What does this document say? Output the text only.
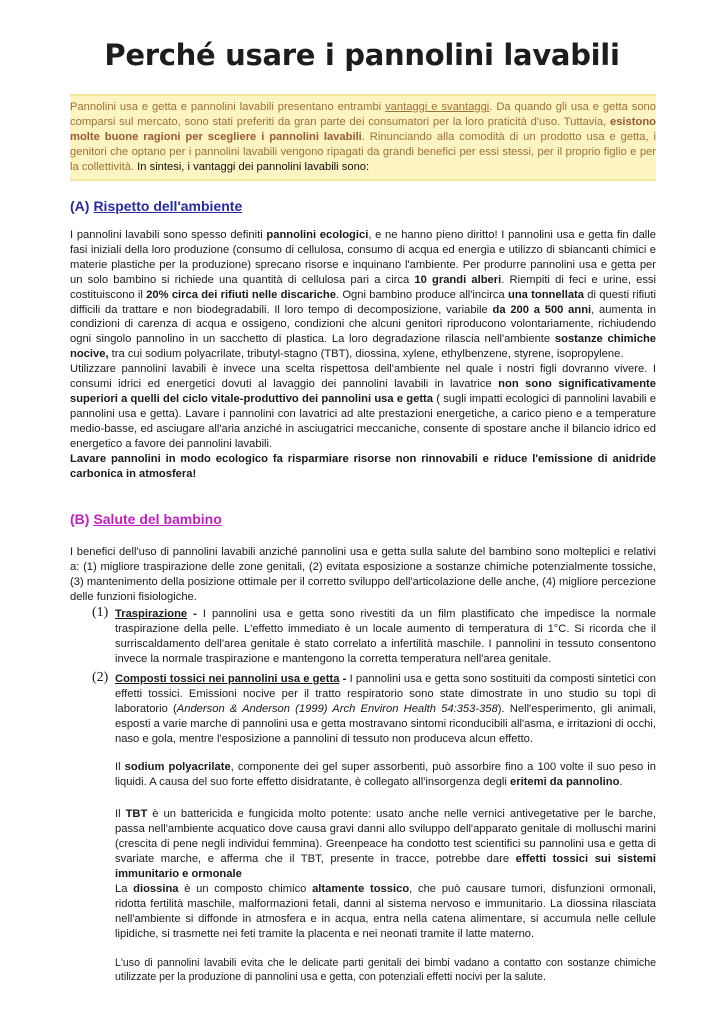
Perché usare i pannolini lavabili
Pannolini usa e getta e pannolini lavabili presentano entrambi vantaggi e svantaggi. Da quando gli usa e getta sono comparsi sul mercato, sono stati preferiti da gran parte dei consumatori per la loro praticità d'uso. Tuttavia, esistono molte buone ragioni per scegliere i pannolini lavabili. Rinunciando alla comodità di un prodotto usa e getta, i genitori che optano per i pannolini lavabili vengono ripagati da grandi benefici per essi stessi, per il proprio figlio e per la collettività. In sintesi, i vantaggi dei pannolini lavabili sono:
(A) Rispetto dell'ambiente
I pannolini lavabili sono spesso definiti pannolini ecologici, e ne hanno pieno diritto! I pannolini usa e getta fin dalle fasi iniziali della loro produzione (consumo di cellulosa, consumo di acqua ed energia e utilizzo di sbiancanti chimici e materie plastiche per la produzione) sprecano risorse e inquinano l'ambiente. Per produrre pannolini usa e getta per un solo bambino si richiede una quantità di cellulosa pari a circa 10 grandi alberi. Riempiti di feci e urine, essi costituiscono il 20% circa dei rifiuti nelle discariche. Ogni bambino produce all'incirca una tonnellata di questi rifiuti difficili da trattare e non biodegradabili. Il loro tempo di decomposizione, variabile da 200 a 500 anni, aumenta in condizioni di carenza di acqua e ossigeno, condizioni che alcuni genitori riproducono volontariamente, richiudendo ogni singolo pannolino in un sacchetto di plastica. La loro degradazione rilascia nell'ambiente sostanze chimiche nocive, tra cui sodium polyacrilate, tributyl-stagno (TBT), diossina, xylene, ethylbenzene, styrene, isopropylene.
Utilizzare pannolini lavabili è invece una scelta rispettosa dell'ambiente nel quale i nostri figli dovranno vivere. I consumi idrici ed energetici dovuti al lavaggio dei pannolini lavabili in lavatrice non sono significativamente superiori a quelli del ciclo vitale-produttivo dei pannolini usa e getta ( sugli impatti ecologici di pannolini lavabili e pannolini usa e getta). Lavare i pannolini con lavatrici ad alte prestazioni energetiche, a carico pieno e a temperature medio-basse, ed asciugare all'aria anziché in asciugatrici meccaniche, consente di spostare anche il bilancio idrico ed energetico a favore dei pannolini lavabili.
Lavare pannolini in modo ecologico fa risparmiare risorse non rinnovabili e riduce l'emissione di anidride carbonica in atmosfera!
(B) Salute del bambino
I benefici dell'uso di pannolini lavabili anziché pannolini usa e getta sulla salute del bambino sono molteplici e relativi a: (1) migliore traspirazione delle zone genitali, (2) evitata esposizione a sostanze chimiche potenzialmente tossiche, (3) mantenimento della posizione ottimale per il corretto sviluppo dell'articolazione delle anche, (4) migliore percezione delle funzioni fisiologiche.
(1) Traspirazione - I pannolini usa e getta sono rivestiti da un film plastificato che impedisce la normale traspirazione della pelle. L'effetto immediato è un locale aumento di temperatura di 1°C. Si ricorda che il surriscaldamento dell'area genitale è stato correlato a infertilità maschile. I pannolini in tessuto consentono invece la normale traspirazione e mantengono la corretta temperatura nell'area genitale.
(2) Composti tossici nei pannolini usa e getta - I pannolini usa e getta sono sostituiti da composti sintetici con effetti tossici. Emissioni nocive per il tratto respiratorio sono state dimostrate in uno studio su topi di laboratorio (Anderson & Anderson (1999) Arch Environ Health 54:353-358). Nell'esperimento, gli animali, esposti a varie marche di pannolini usa e getta mostravano sintomi riconducibili all'asma, e irritazioni di occhi, naso e gola, mentre l'esposizione a pannolini di tessuto non produceva alcun effetto.
Il sodium polyacrilate, componente dei gel super assorbenti, può assorbire fino a 100 volte il suo peso in liquidi. A causa del suo forte effetto disidratante, è collegato all'insorgenza degli eritemi da pannolino.
Il TBT è un battericida e fungicida molto potente: usato anche nelle vernici antivegetative per le barche, passa nell'ambiente acquatico dove causa gravi danni allo sviluppo dell'apparato genitale di molluschi marini (crescita di pene negli individui femmina). Greenpeace ha condotto test scientifici su pannolini usa e getta di svariate marche, e afferma che il TBT, presente in tracce, potrebbe dare effetti tossici sui sistemi immunitario e ormonale
La diossina è un composto chimico altamente tossico, che può causare tumori, disfunzioni ormonali, ridotta fertilità maschile, malformazioni fetali, danni al sistema nervoso e immunitario. La diossina rilasciata nell'ambiente si diffonde in atmosfera e in acqua, entra nella catena alimentare, si accumula nelle cellule lipidiche, si trasmette nei feti tramite la placenta e nei neonati tramite il latte materno.
L'uso di pannolini lavabili evita che le delicate parti genitali dei bimbi vadano a contatto con sostanze chimiche utilizzate per la produzione di pannolini usa e getta, con potenziali effetti nocivi per la salute.
